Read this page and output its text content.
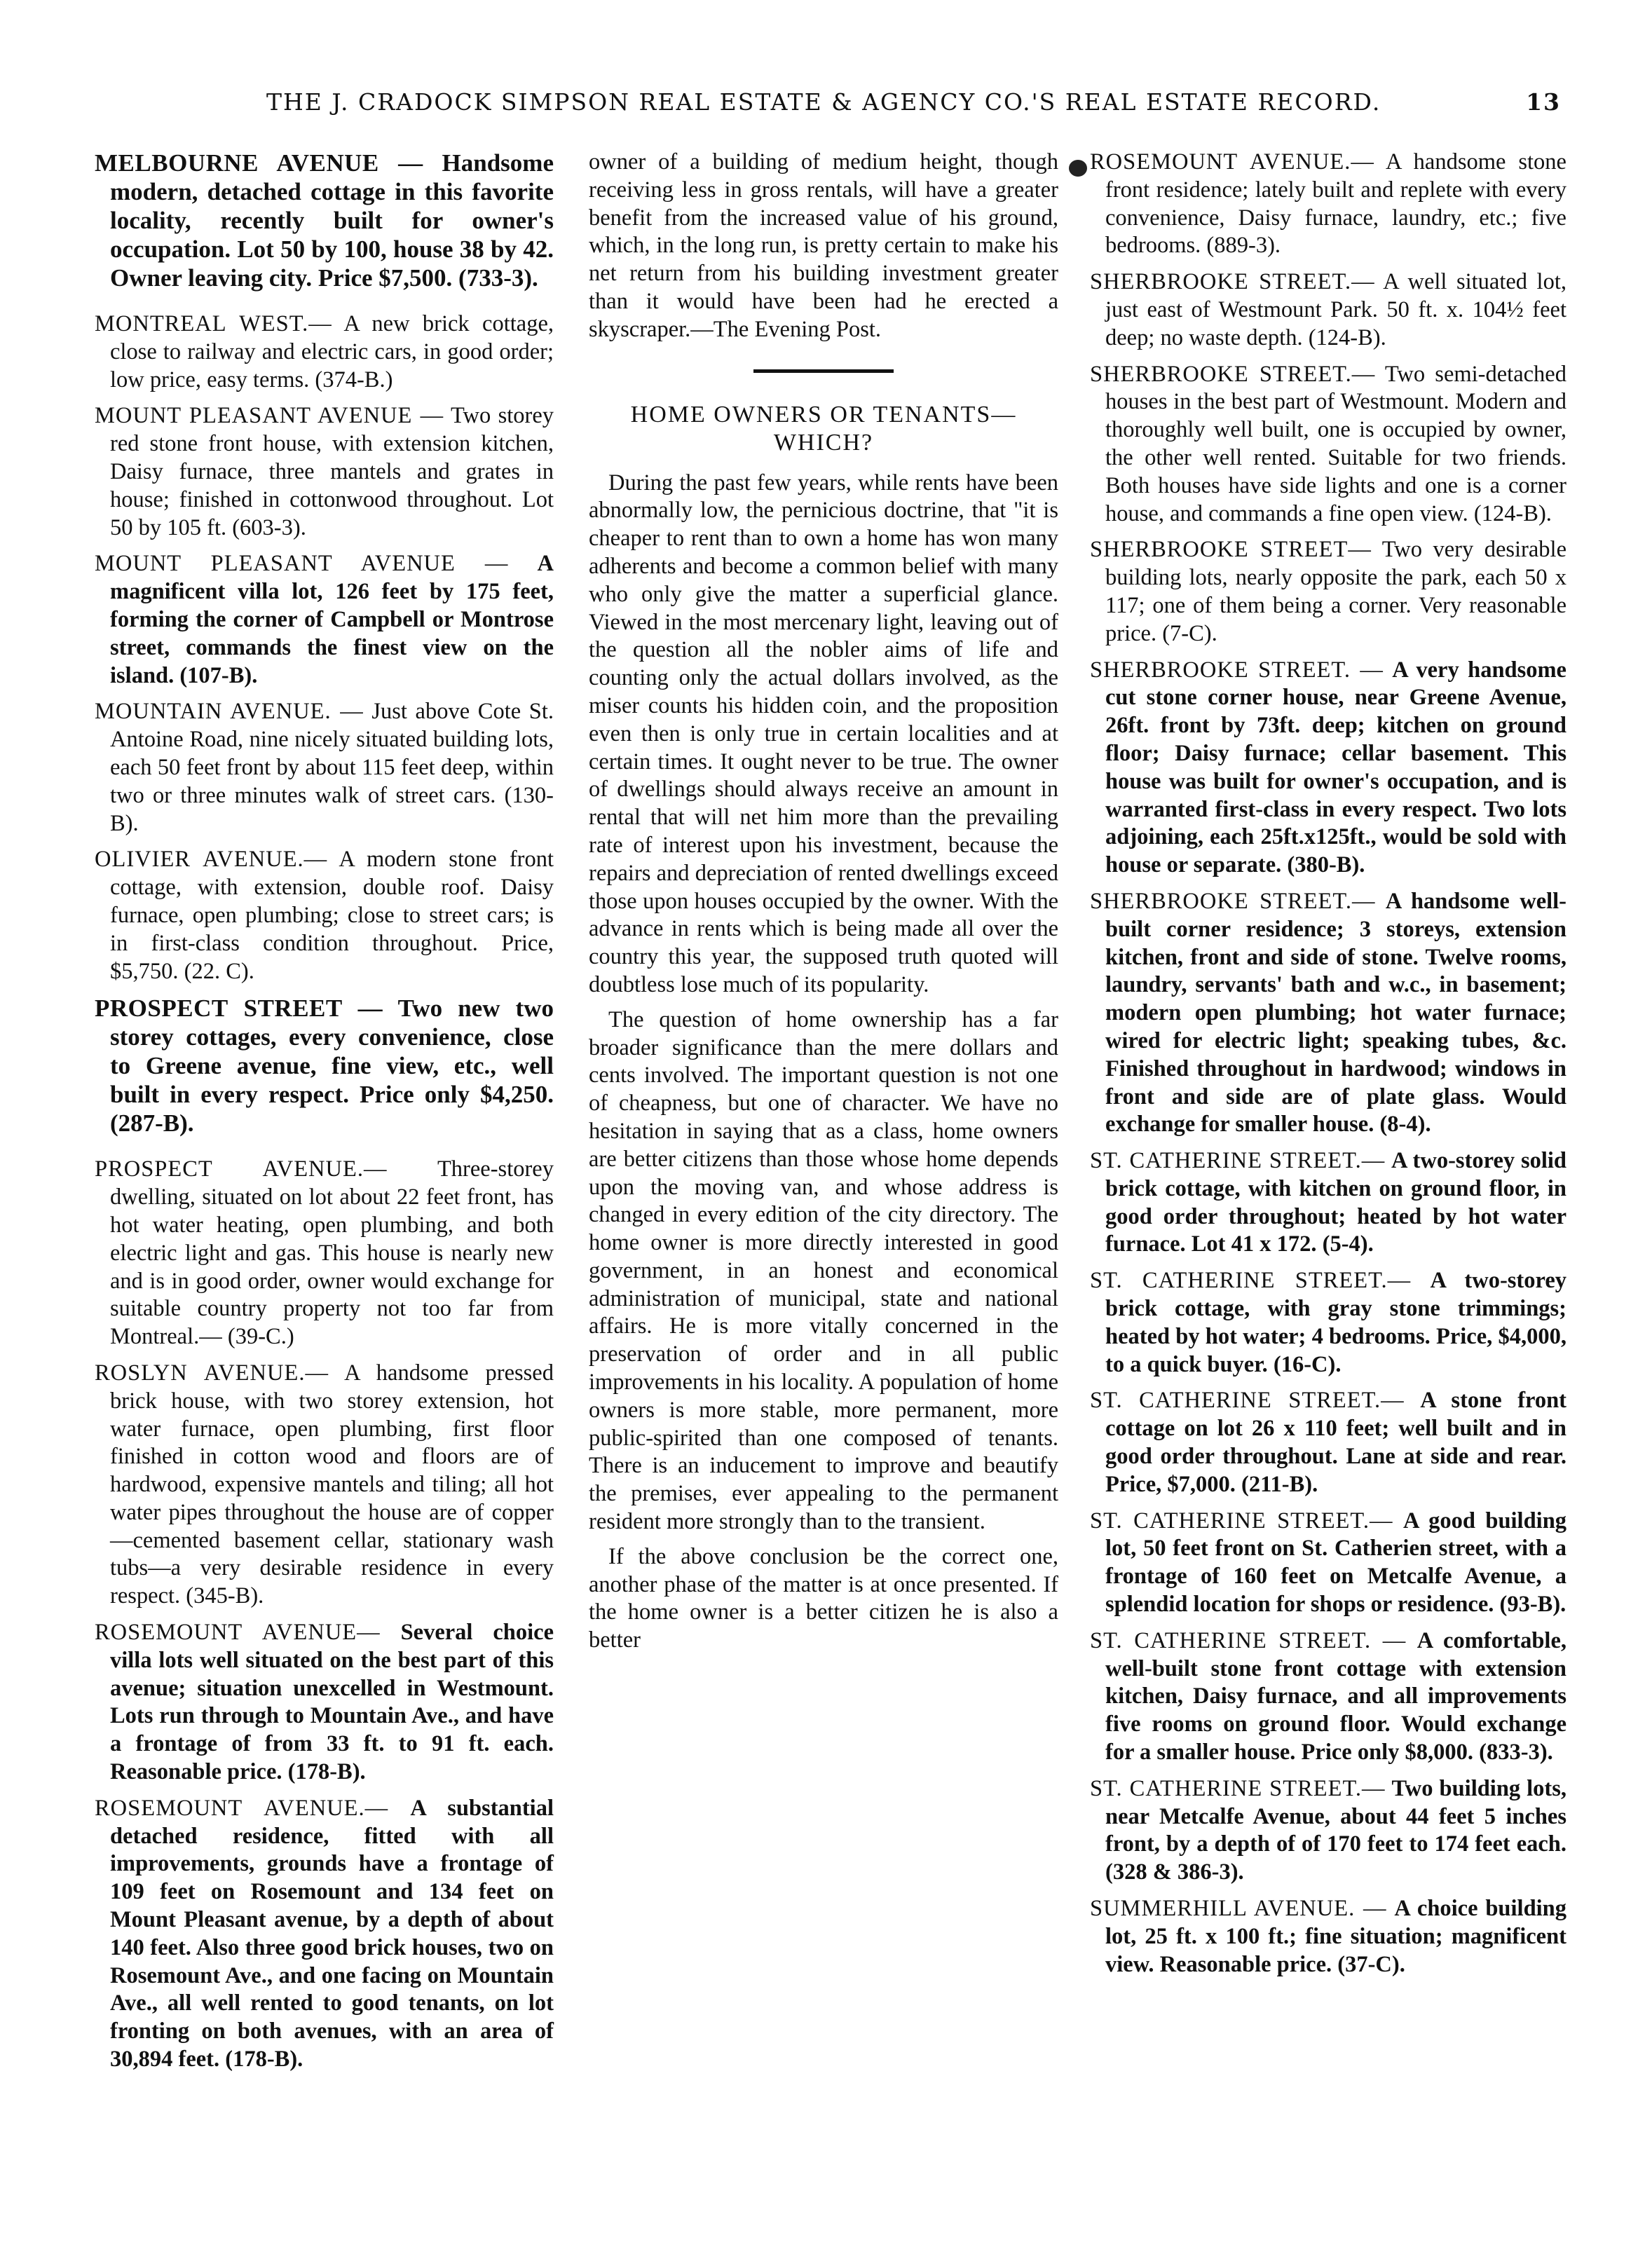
THE J. CRADOCK SIMPSON REAL ESTATE & AGENCY CO.'S REAL ESTATE RECORD.	13

MELBOURNE AVENUE — Handsome modern, detached cottage in this favorite locality, recently built for owner's occupation. Lot 50 by 100, house 38 by 42. Owner leaving city. Price $7,500. (733-3).

MONTREAL WEST.— A new brick cottage, close to railway and electric cars, in good order; low price, easy terms. (374-B.)

MOUNT PLEASANT AVENUE — Two storey red stone front house, with extension kitchen, Daisy furnace, three mantels and grates in house; finished in cottonwood throughout. Lot 50 by 105 ft. (603-3).

MOUNT PLEASANT AVENUE — A magnificent villa lot, 126 feet by 175 feet, forming the corner of Campbell or Montrose street, commands the finest view on the island. (107-B).

MOUNTAIN AVENUE. — Just above Cote St. Antoine Road, nine nicely situated building lots, each 50 feet front by about 115 feet deep, within two or three minutes walk of street cars. (130-B).

OLIVIER AVENUE.— A modern stone front cottage, with extension, double roof. Daisy furnace, open plumbing; close to street cars; is in first-class condition throughout. Price, $5,750. (22. C).

PROSPECT STREET — Two new two storey cottages, every convenience, close to Greene avenue, fine view, etc., well built in every respect. Price only $4,250. (287-B).

PROSPECT AVENUE.— Three-storey dwelling, situated on lot about 22 feet front, has hot water heating, open plumbing, and both electric light and gas. This house is nearly new and is in good order, owner would exchange for suitable country property not too far from Montreal.— (39-C.)

ROSLYN AVENUE.— A handsome pressed brick house, with two storey extension, hot water furnace, open plumbing, first floor finished in cotton wood and floors are of hardwood, expensive mantels and tiling; all hot water pipes throughout the house are of copper—cemented basement cellar, stationary wash tubs—a very desirable residence in every respect. (345-B).

ROSEMOUNT AVENUE— Several choice villa lots well situated on the best part of this avenue; situation unexcelled in Westmount. Lots run through to Mountain Ave., and have a frontage of from 33 ft. to 91 ft. each. Reasonable price. (178-B).

ROSEMOUNT AVENUE.— A substantial detached residence, fitted with all improvements, grounds have a frontage of 109 feet on Rosemount and 134 feet on Mount Pleasant avenue, by a depth of about 140 feet. Also three good brick houses, two on Rosemount Ave., and one facing on Mountain Ave., all well rented to good tenants, on lot fronting on both avenues, with an area of 30,894 feet. (178-B).

owner of a building of medium height, though receiving less in gross rentals, will have a greater benefit from the increased value of his ground, which, in the long run, is pretty certain to make his net return from his building investment greater than it would have been had he erected a skyscraper.—The Evening Post.

HOME OWNERS OR TENANTS—WHICH?

During the past few years, while rents have been abnormally low, the pernicious doctrine, that "it is cheaper to rent than to own a home has won many adherents and become a common belief with many who only give the matter a superficial glance. Viewed in the most mercenary light, leaving out of the question all the nobler aims of life and counting only the actual dollars involved, as the miser counts his hidden coin, and the proposition even then is only true in certain localities and at certain times. It ought never to be true. The owner of dwellings should always receive an amount in rental that will net him more than the prevailing rate of interest upon his investment, because the repairs and depreciation of rented dwellings exceed those upon houses occupied by the owner. With the advance in rents which is being made all over the country this year, the supposed truth quoted will doubtless lose much of its popularity.

The question of home ownership has a far broader significance than the mere dollars and cents involved. The important question is not one of cheapness, but one of character. We have no hesitation in saying that as a class, home owners are better citizens than those whose home depends upon the moving van, and whose address is changed in every edition of the city directory. The home owner is more directly interested in good government, in an honest and economical administration of municipal, state and national affairs. He is more vitally concerned in the preservation of order and in all public improvements in his locality. A population of home owners is more stable, more permanent, more public-spirited than one composed of tenants. There is an inducement to improve and beautify the premises, ever appealing to the permanent resident more strongly than to the transient.

If the above conclusion be the correct one, another phase of the matter is at once presented. If the home owner is a better citizen he is also a better

ROSEMOUNT AVENUE.— A handsome stone front residence; lately built and replete with every convenience, Daisy furnace, laundry, etc.; five bedrooms. (889-3).

SHERBROOKE STREET.— A well situated lot, just east of Westmount Park. 50 ft. x. 104½ feet deep; no waste depth. (124-B).

SHERBROOKE STREET.— Two semi-detached houses in the best part of Westmount. Modern and thoroughly well built, one is occupied by owner, the other well rented. Suitable for two friends. Both houses have side lights and one is a corner house, and commands a fine open view. (124-B).

SHERBROOKE STREET— Two very desirable building lots, nearly opposite the park, each 50 x 117; one of them being a corner. Very reasonable price. (7-C).

SHERBROOKE STREET. — A very handsome cut stone corner house, near Greene Avenue, 26ft. front by 73ft. deep; kitchen on ground floor; Daisy furnace; cellar basement. This house was built for owner's occupation, and is warranted first-class in every respect. Two lots adjoining, each 25ft.x125ft., would be sold with house or separate. (380-B).

SHERBROOKE STREET.— A handsome well-built corner residence; 3 storeys, extension kitchen, front and side of stone. Twelve rooms, laundry, servants' bath and w.c., in basement; modern open plumbing; hot water furnace; wired for electric light; speaking tubes, &c. Finished throughout in hardwood; windows in front and side are of plate glass. Would exchange for smaller house. (8-4).

ST. CATHERINE STREET.— A two-storey solid brick cottage, with kitchen on ground floor, in good order throughout; heated by hot water furnace. Lot 41 x 172. (5-4).

ST. CATHERINE STREET.— A two-storey brick cottage, with gray stone trimmings; heated by hot water; 4 bedrooms. Price, $4,000, to a quick buyer. (16-C).

ST. CATHERINE STREET.— A stone front cottage on lot 26 x 110 feet; well built and in good order throughout. Lane at side and rear. Price, $7,000. (211-B).

ST. CATHERINE STREET.— A good building lot, 50 feet front on St. Catherien street, with a frontage of 160 feet on Metcalfe Avenue, a splendid location for shops or residence. (93-B).

ST. CATHERINE STREET. — A comfortable, well-built stone front cottage with extension kitchen, Daisy furnace, and all improvements five rooms on ground floor. Would exchange for a smaller house. Price only $8,000. (833-3).

ST. CATHERINE STREET.— Two building lots, near Metcalfe Avenue, about 44 feet 5 inches front, by a depth of of 170 feet to 174 feet each. (328 & 386-3).

SUMMERHILL AVENUE. — A choice building lot, 25 ft. x 100 ft.; fine situation; magnificent view. Reasonable price. (37-C).
